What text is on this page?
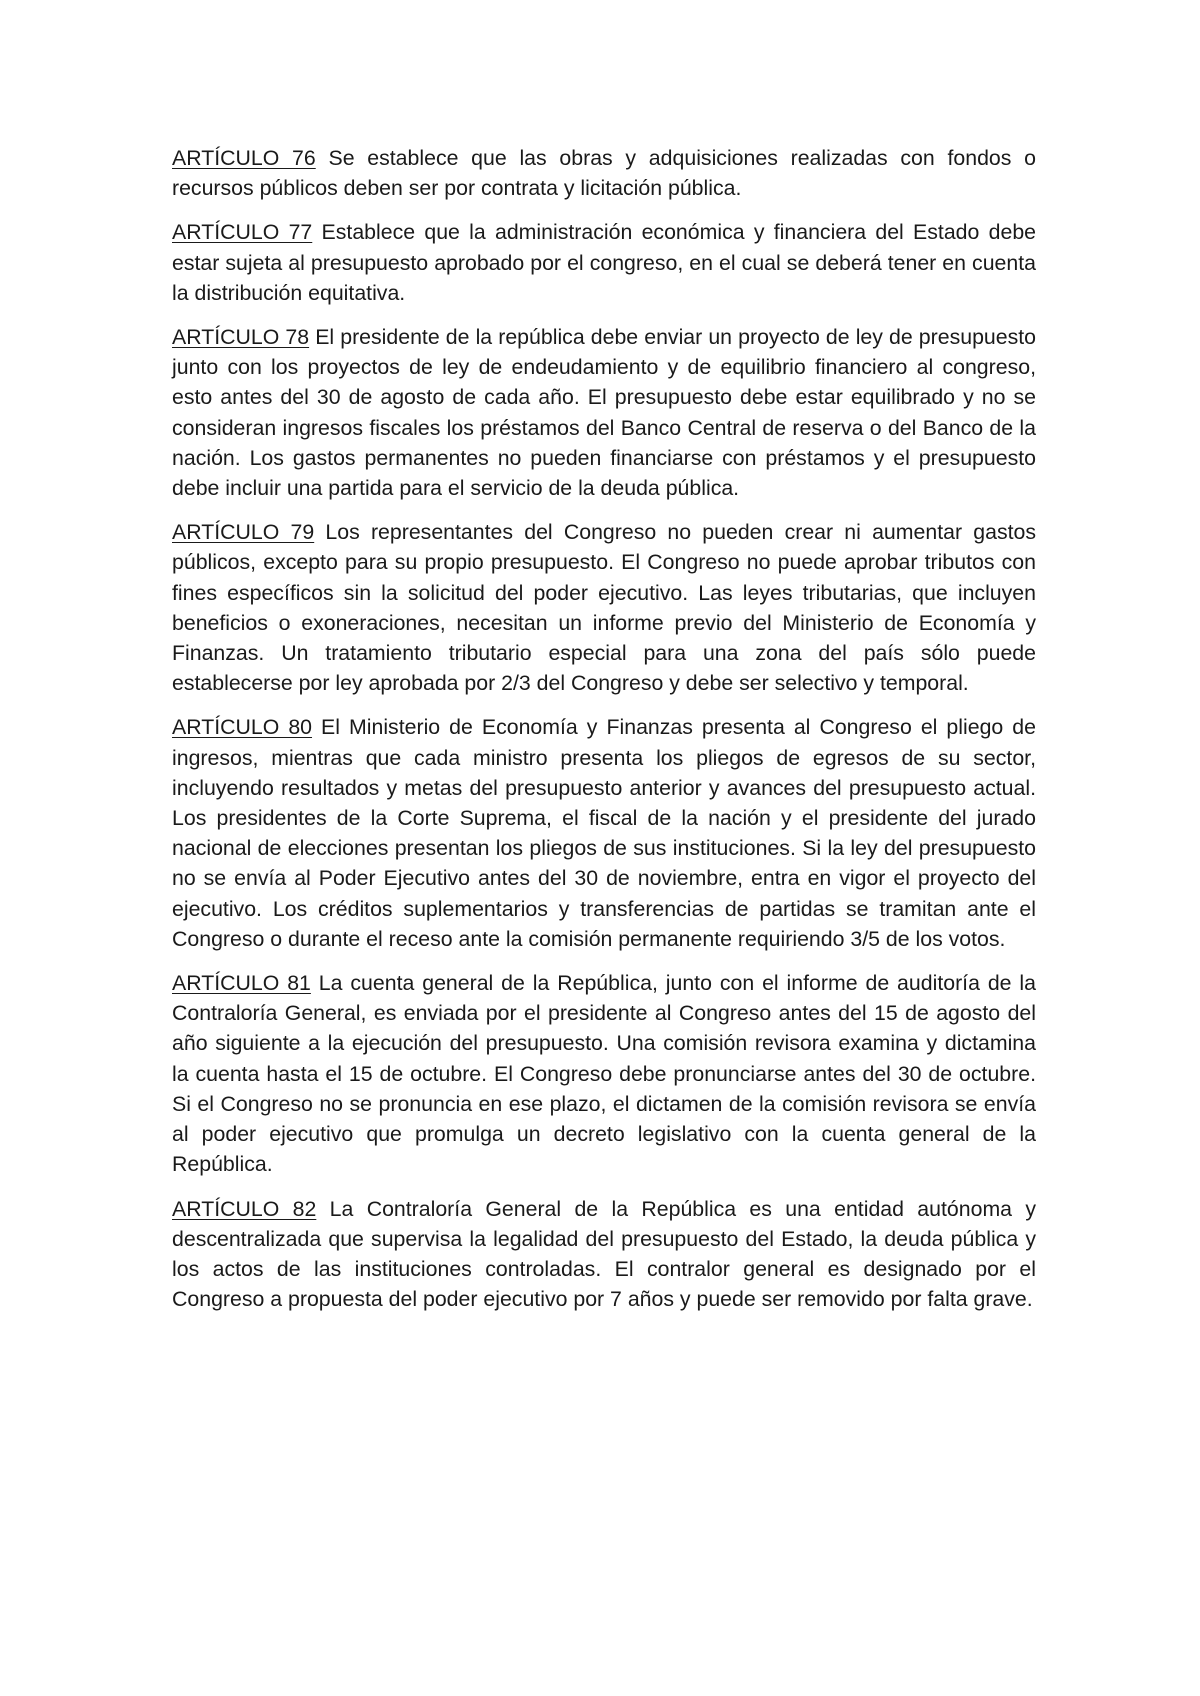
ARTÍCULO 76 Se establece que las obras y adquisiciones realizadas con fondos o recursos públicos deben ser por contrata y licitación pública.

ARTÍCULO 77 Establece que la administración económica y financiera del Estado debe estar sujeta al presupuesto aprobado por el congreso, en el cual se deberá tener en cuenta la distribución equitativa.

ARTÍCULO 78 El presidente de la república debe enviar un proyecto de ley de presupuesto junto con los proyectos de ley de endeudamiento y de equilibrio financiero al congreso, esto antes del 30 de agosto de cada año. El presupuesto debe estar equilibrado y no se consideran ingresos fiscales los préstamos del Banco Central de reserva o del Banco de la nación. Los gastos permanentes no pueden financiarse con préstamos y el presupuesto debe incluir una partida para el servicio de la deuda pública.

ARTÍCULO 79 Los representantes del Congreso no pueden crear ni aumentar gastos públicos, excepto para su propio presupuesto. El Congreso no puede aprobar tributos con fines específicos sin la solicitud del poder ejecutivo. Las leyes tributarias, que incluyen beneficios o exoneraciones, necesitan un informe previo del Ministerio de Economía y Finanzas. Un tratamiento tributario especial para una zona del país sólo puede establecerse por ley aprobada por 2/3 del Congreso y debe ser selectivo y temporal.

ARTÍCULO 80 El Ministerio de Economía y Finanzas presenta al Congreso el pliego de ingresos, mientras que cada ministro presenta los pliegos de egresos de su sector, incluyendo resultados y metas del presupuesto anterior y avances del presupuesto actual. Los presidentes de la Corte Suprema, el fiscal de la nación y el presidente del jurado nacional de elecciones presentan los pliegos de sus instituciones. Si la ley del presupuesto no se envía al Poder Ejecutivo antes del 30 de noviembre, entra en vigor el proyecto del ejecutivo. Los créditos suplementarios y transferencias de partidas se tramitan ante el Congreso o durante el receso ante la comisión permanente requiriendo 3/5 de los votos.

ARTÍCULO 81 La cuenta general de la República, junto con el informe de auditoría de la Contraloría General, es enviada por el presidente al Congreso antes del 15 de agosto del año siguiente a la ejecución del presupuesto. Una comisión revisora examina y dictamina la cuenta hasta el 15 de octubre. El Congreso debe pronunciarse antes del 30 de octubre. Si el Congreso no se pronuncia en ese plazo, el dictamen de la comisión revisora se envía al poder ejecutivo que promulga un decreto legislativo con la cuenta general de la República.

ARTÍCULO 82 La Contraloría General de la República es una entidad autónoma y descentralizada que supervisa la legalidad del presupuesto del Estado, la deuda pública y los actos de las instituciones controladas. El contralor general es designado por el Congreso a propuesta del poder ejecutivo por 7 años y puede ser removido por falta grave.
